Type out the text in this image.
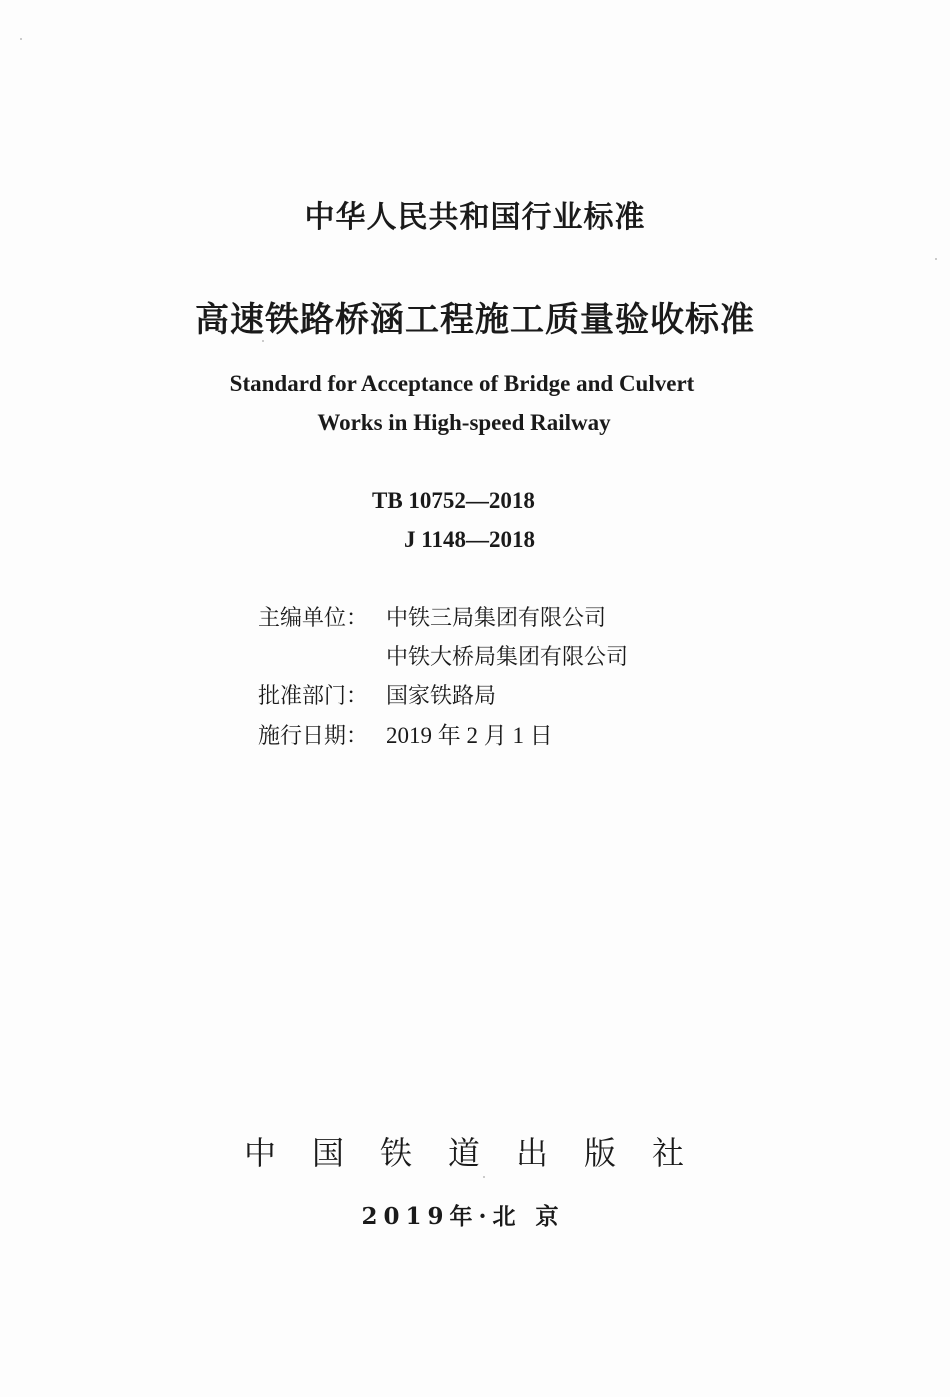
中华人民共和国行业标准
高速铁路桥涵工程施工质量验收标准
Standard for Acceptance of Bridge and Culvert
Works in High-speed Railway
TB 10752—2018
J 1148—2018
主编单位： 中铁三局集团有限公司
中铁大桥局集团有限公司
批准部门： 国家铁路局
施行日期： 2019 年 2 月 1 日
中国铁道出版社
2019年·北 京
